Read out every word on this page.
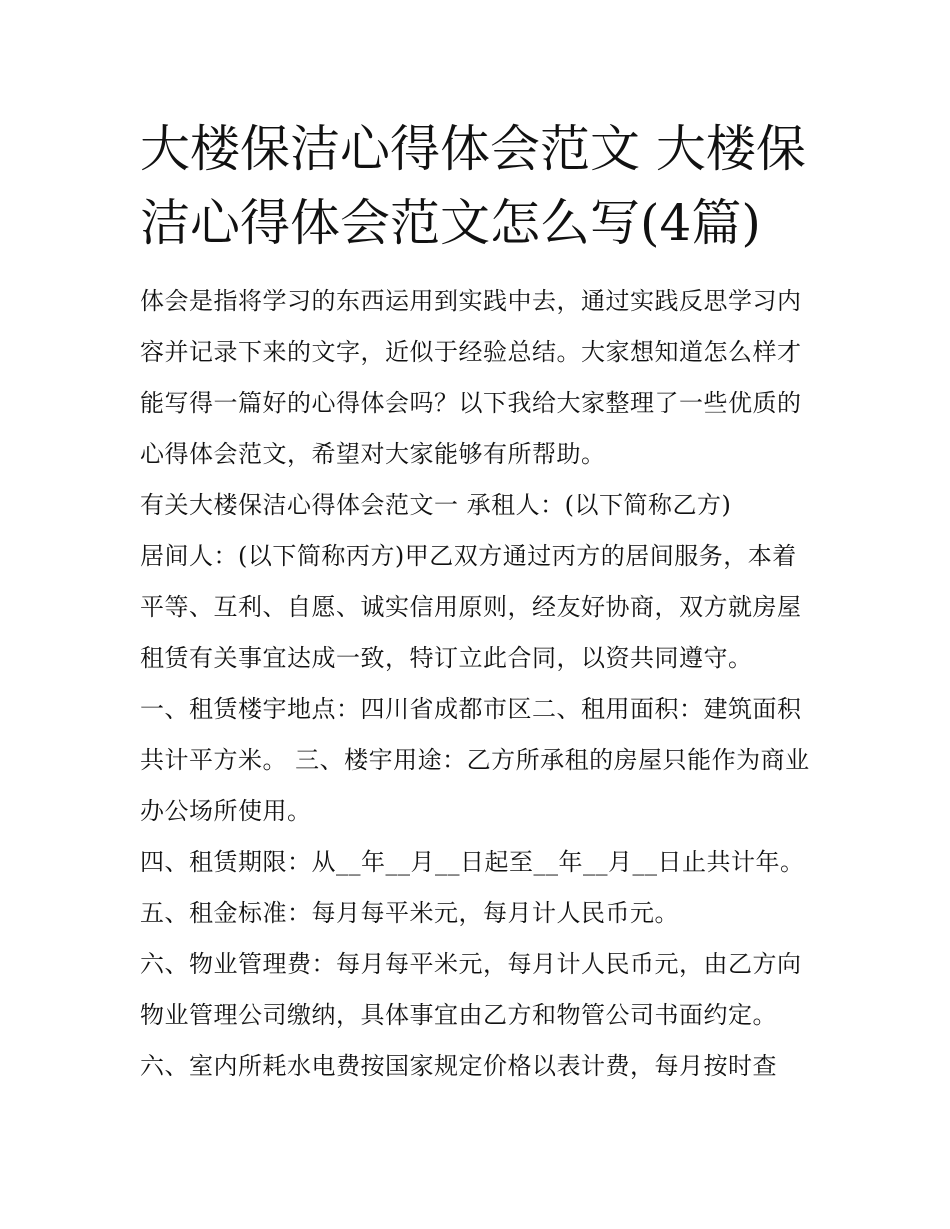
大楼保洁心得体会范文 大楼保洁心得体会范文怎么写(4篇)

体会是指将学习的东西运用到实践中去，通过实践反思学习内容并记录下来的文字，近似于经验总结。大家想知道怎么样才能写得一篇好的心得体会吗？以下我给大家整理了一些优质的心得体会范文，希望对大家能够有所帮助。

有关大楼保洁心得体会范文一 承租人：(以下简称乙方)

居间人：(以下简称丙方)甲乙双方通过丙方的居间服务，本着平等、互利、自愿、诚实信用原则，经友好协商，双方就房屋租赁有关事宜达成一致，特订立此合同，以资共同遵守。

一、租赁楼宇地点：四川省成都市区二、租用面积：建筑面积共计平方米。 三、楼宇用途：乙方所承租的房屋只能作为商业办公场所使用。

四、租赁期限：从__年__月__日起至__年__月__日止共计年。

五、租金标准：每月每平米元，每月计人民币元。

六、物业管理费：每月每平米元，每月计人民币元，由乙方向物业管理公司缴纳，具体事宜由乙方和物管公司书面约定。

六、室内所耗水电费按国家规定价格以表计费，每月按时查
